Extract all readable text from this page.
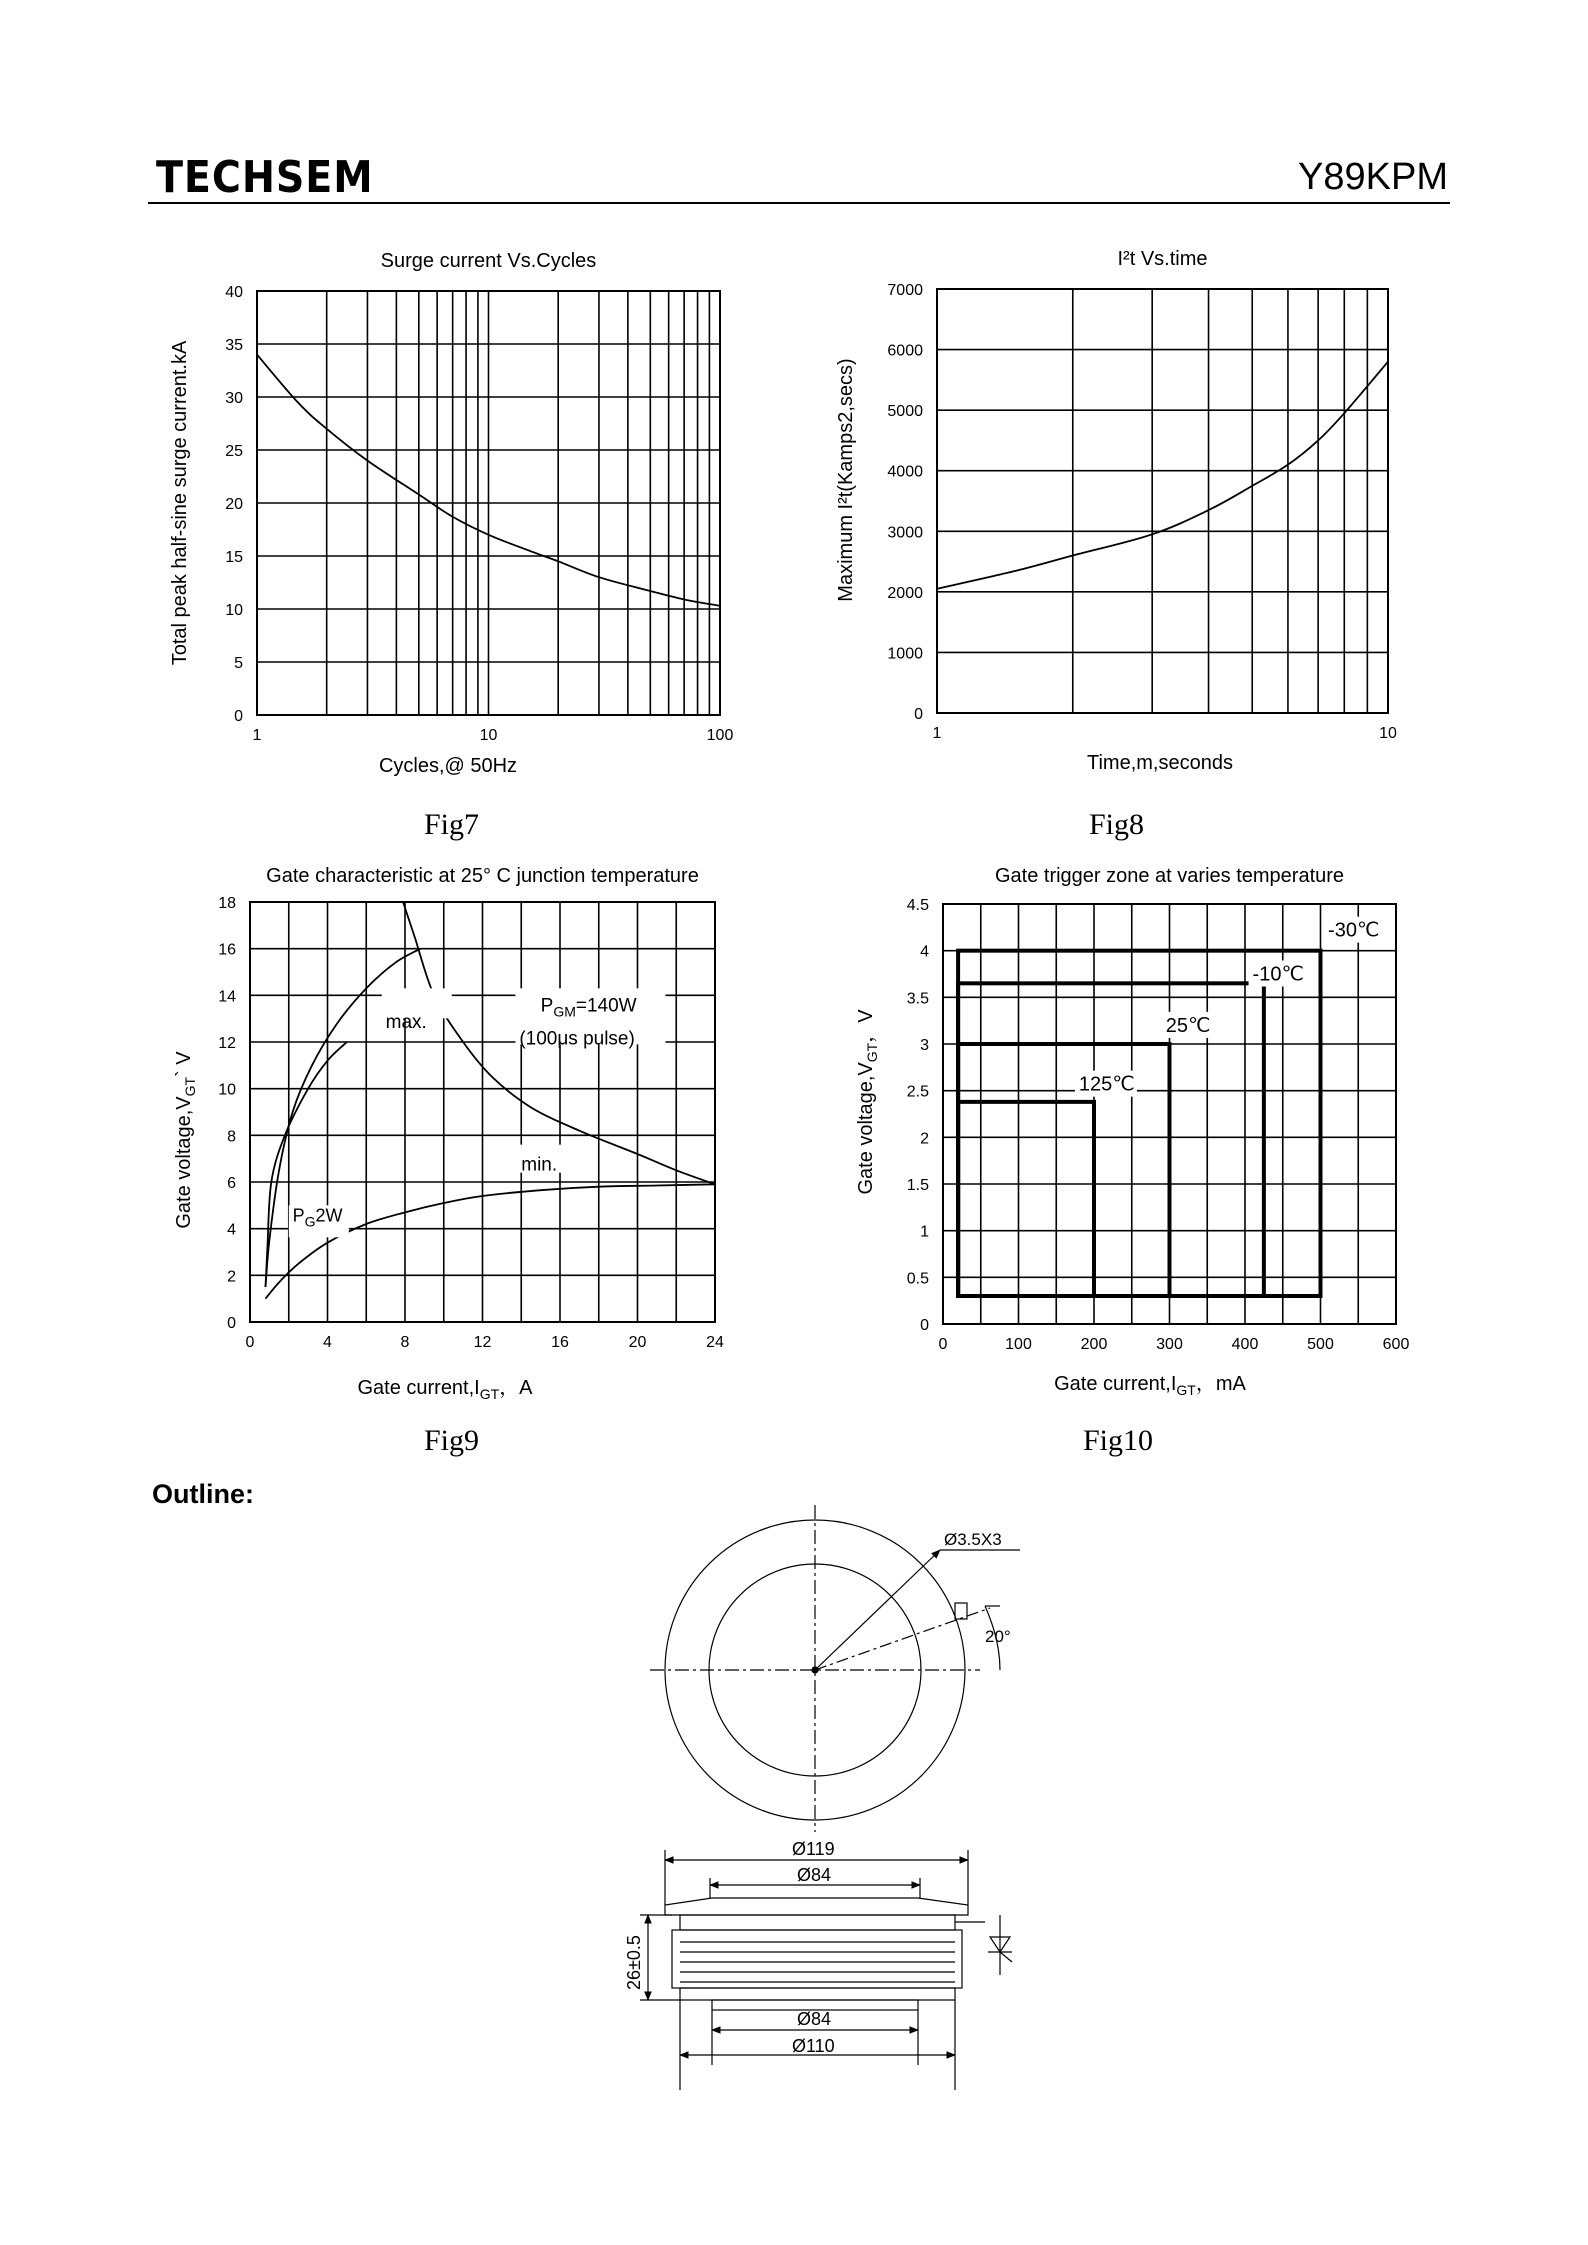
TECHSEM	Y89KPM
0
5
10
15
20
25
30
35
40
1	10	100
Surge current Vs.Cycles
Cycles,@ 50Hz
Total peak half-sine surge current.kA
0
1000
2000
3000
4000
5000
6000
7000
1	10
I²t Vs.time
Time,m,seconds
Maximum I²t(Kamps2,secs)
0
2
4
6
8
10
12
14
16
18
0	4	8	12	16	20	24
Gate characteristic at 25° C junction temperature
Gate $current,I_{GT}$，A
Gate $voltage,V_{GT}`$ V
max.
$P_{GM}=140W$
(100μs pulse)
min.
$P_G2W$
0
0.5
1
1.5
2
2.5
3
3.5
4
4.5
0	100	200	300	400	500	600
Gate trigger zone at varies temperature
Gate $current,I_{GT}$，mA
Gate $voltage,V_{GT}$，V
-30℃
-10℃
25℃
125℃
Fig7	Fig8
Fig9	Fig10
Outline:
Ø3.5X3
20°
Ø119
Ø84
Ø84
Ø110
26±0.5
